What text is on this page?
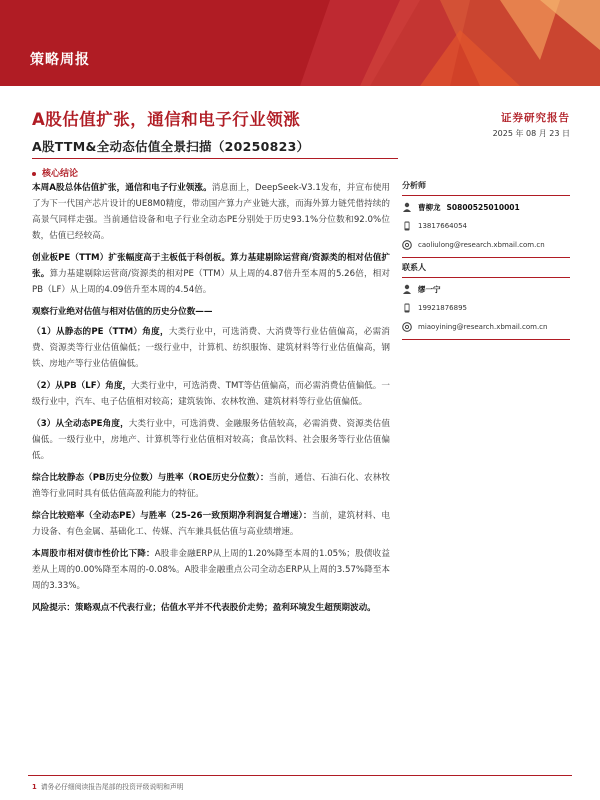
策略周报
A股估值扩张，通信和电子行业领涨	证券研究报告
2025 年 08 月 23 日
A股TTM&全动态估值全景扫描（20250823）
核心结论

本周A股总体估值扩张，通信和电子行业领涨。消息面上，DeepSeek-V3.1发布，并宣布使用了为下一代国产芯片设计的UE8M0精度，带动国产算力产业链大涨，而海外算力链凭借持续的高景气同样走强。当前通信设备和电子行业全动态PE分别处于历史93.1%分位数和92.0%位数，估值已经较高。

创业板PE（TTM）扩张幅度高于主板低于科创板。算力基建剔除运营商/资源类的相对估值扩张。算力基建剔除运营商/资源类的相对PE（TTM）从上周的4.87倍升至本周的5.26倍，相对PB（LF）从上周的4.09倍升至本周的4.54倍。

观察行业绝对估值与相对估值的历史分位数——

（1）从静态的PE（TTM）角度，大类行业中，可选消费、大消费等行业估值偏高，必需消费、资源类等行业估值偏低；一级行业中，计算机、纺织服饰、建筑材料等行业估值偏高，钢铁、房地产等行业估值偏低。

（2）从PB（LF）角度，大类行业中，可选消费、TMT等估值偏高，而必需消费估值偏低。一级行业中，汽车、电子估值相对较高；建筑装饰、农林牧渔、建筑材料等行业估值偏低。

（3）从全动态PE角度，大类行业中，可选消费、金融服务估值较高，必需消费、资源类估值偏低。一级行业中，房地产、计算机等行业估值相对较高；食品饮料、社会服务等行业估值偏低。

综合比较静态（PB历史分位数）与胜率（ROE历史分位数）：当前，通信、石油石化、农林牧渔等行业同时具有低估值高盈利能力的特征。

综合比较赔率（全动态PE）与胜率（25-26一致预期净利润复合增速）：当前，建筑材料、电力设备、有色金属、基础化工、传媒、汽车兼具低估值与高业绩增速。

本周股市相对债市性价比下降：A股非金融ERP从上周的1.20%降至本周的1.05%；股债收益差从上周的0.00%降至本周的-0.08%。A股非金融重点公司全动态ERP从上周的3.57%降至本周的3.33%。

风险提示：策略观点不代表行业；估值水平并不代表股价走势；盈利环境发生超预期波动。

分析师
曹柳龙 S0800525010001
13817664054
caoliulong@research.xbmail.com.cn
联系人
缪一宁
19921876895
miaoyining@research.xbmail.com.cn
1 请务必仔细阅读报告尾部的投资评级说明和声明
